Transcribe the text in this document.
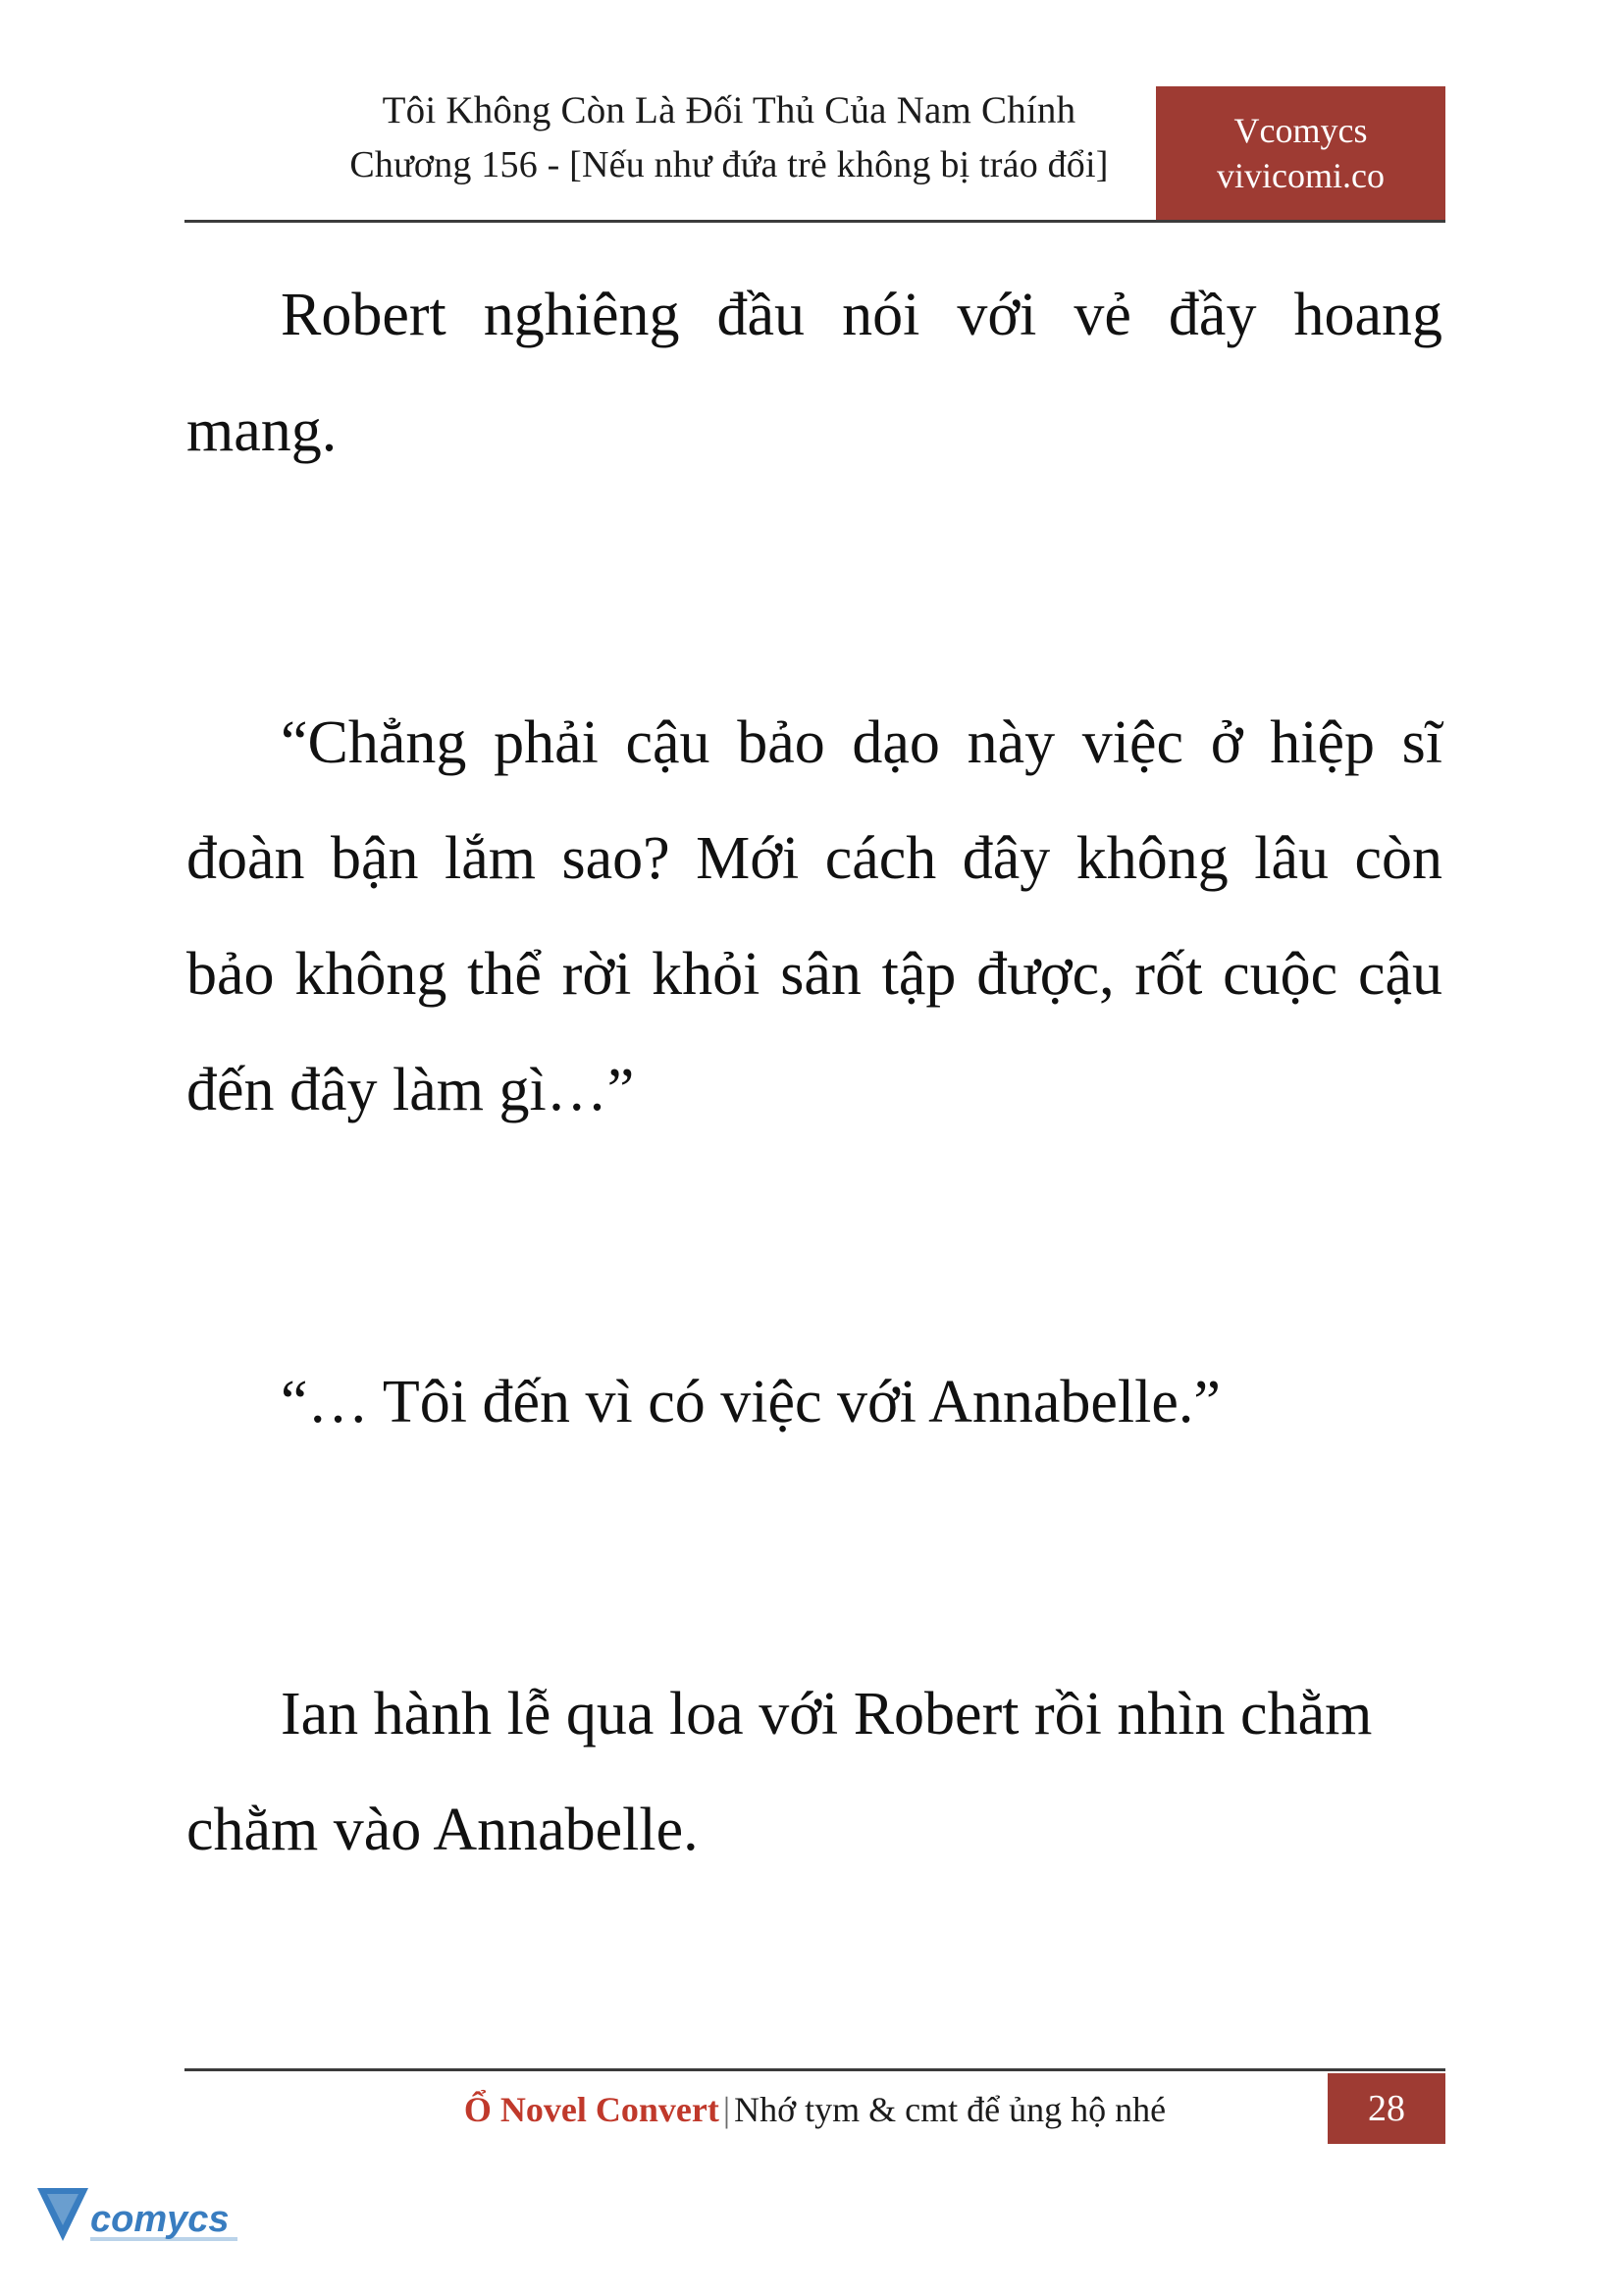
Tôi Không Còn Là Đối Thủ Của Nam Chính
Chương 156 - [Nếu như đứa trẻ không bị tráo đổi]
Vcomycs
vivicomi.co

Robert nghiêng đầu nói với vẻ đầy hoang mang.

“Chẳng phải cậu bảo dạo này việc ở hiệp sĩ đoàn bận lắm sao? Mới cách đây không lâu còn bảo không thể rời khỏi sân tập được, rốt cuộc cậu đến đây làm gì…”

“… Tôi đến vì có việc với Annabelle.”

Ian hành lễ qua loa với Robert rồi nhìn chằm chằm vào Annabelle.

Ổ Novel Convert | Nhớ tym & cmt để ủng hộ nhé	28
comycs
